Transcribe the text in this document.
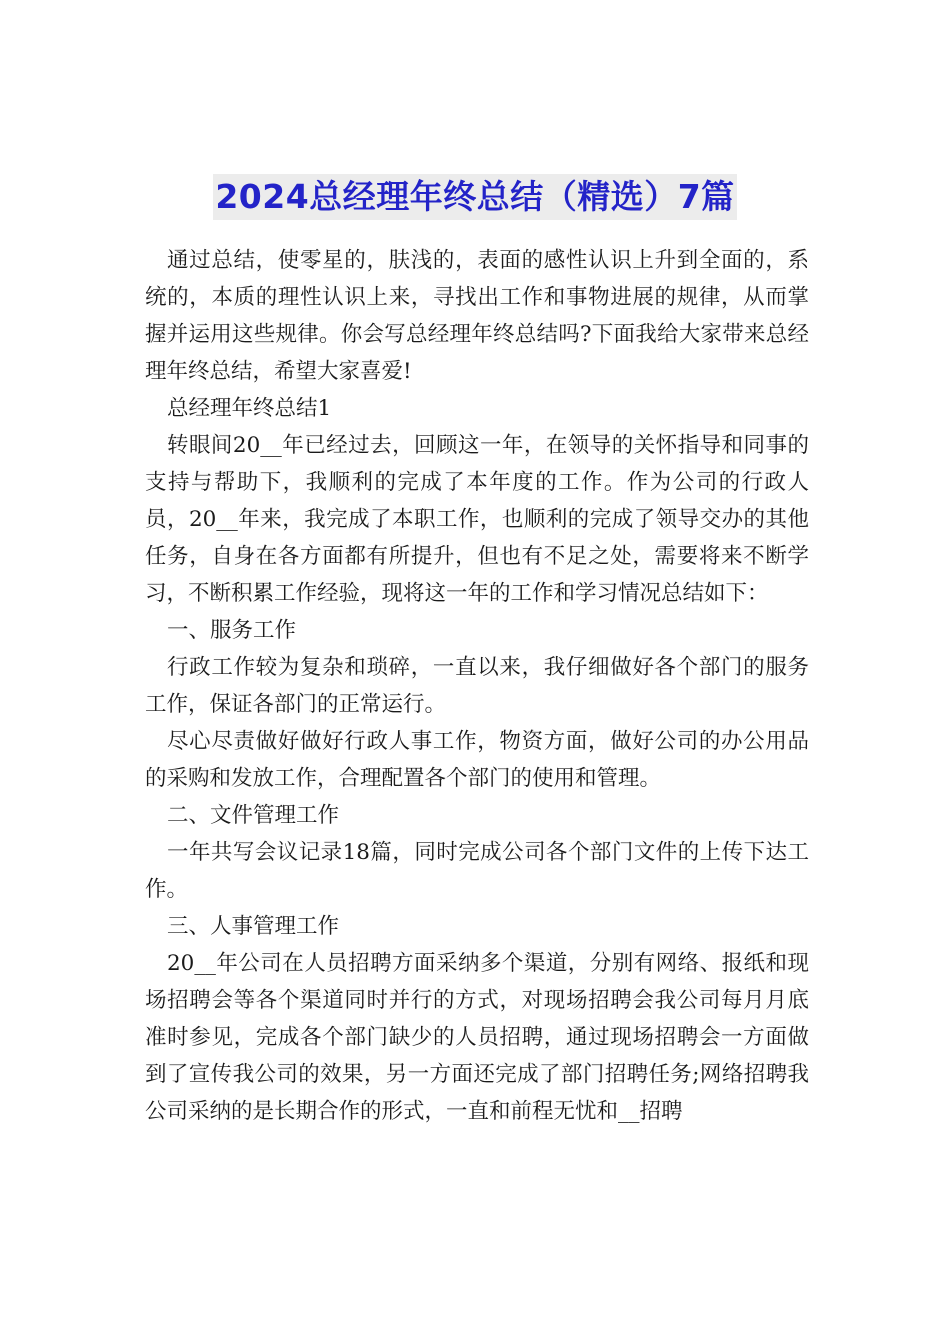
2024总经理年终总结（精选）7篇

通过总结，使零星的，肤浅的，表面的感性认识上升到全面的，系统的，本质的理性认识上来，寻找出工作和事物进展的规律，从而掌握并运用这些规律。你会写总经理年终总结吗?下面我给大家带来总经理年终总结，希望大家喜爱!

总经理年终总结1

转眼间20__年已经过去，回顾这一年，在领导的关怀指导和同事的支持与帮助下，我顺利的完成了本年度的工作。作为公司的行政人员，20__年来，我完成了本职工作，也顺利的完成了领导交办的其他任务，自身在各方面都有所提升，但也有不足之处，需要将来不断学习，不断积累工作经验，现将这一年的工作和学习情况总结如下：

一、服务工作

行政工作较为复杂和琐碎，一直以来，我仔细做好各个部门的服务工作，保证各部门的正常运行。

尽心尽责做好做好行政人事工作，物资方面，做好公司的办公用品的采购和发放工作，合理配置各个部门的使用和管理。

二、文件管理工作

一年共写会议记录18篇，同时完成公司各个部门文件的上传下达工作。

三、人事管理工作

20__年公司在人员招聘方面采纳多个渠道，分别有网络、报纸和现场招聘会等各个渠道同时并行的方式，对现场招聘会我公司每月月底准时参见，完成各个部门缺少的人员招聘，通过现场招聘会一方面做到了宣传我公司的效果，另一方面还完成了部门招聘任务;网络招聘我公司采纳的是长期合作的形式，一直和前程无忧和__招聘
